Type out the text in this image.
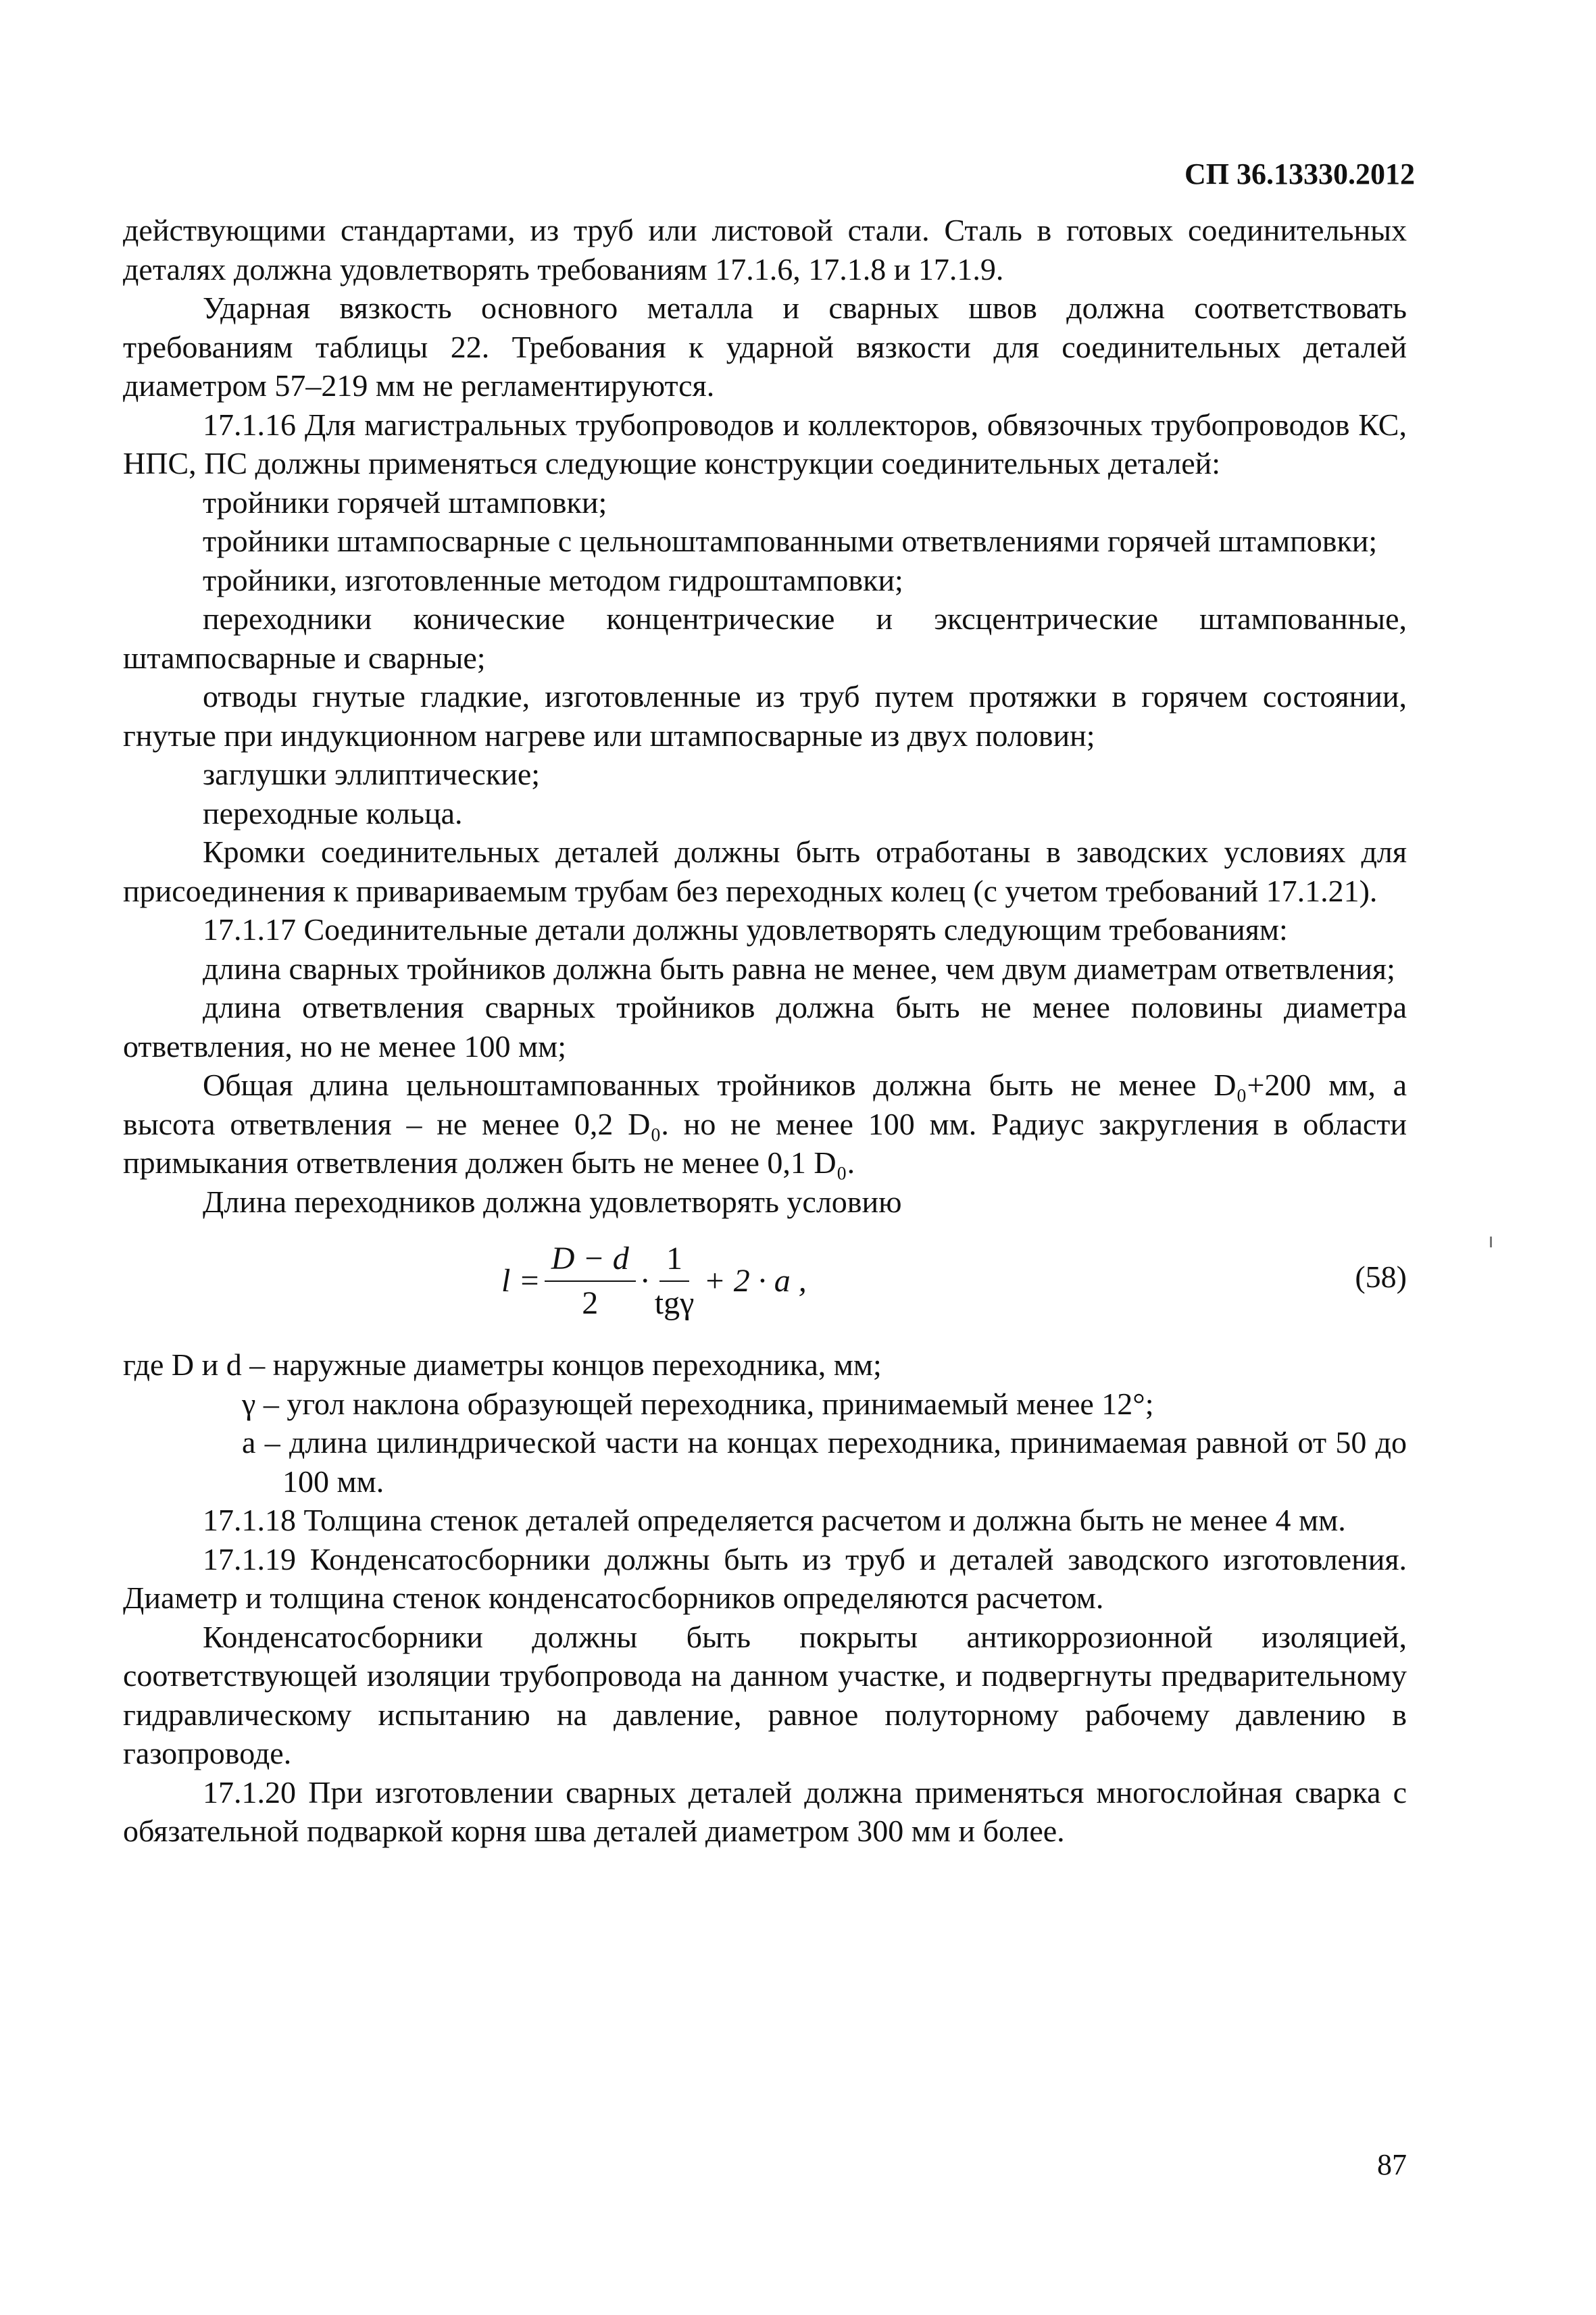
СП 36.13330.2012

действующими стандартами, из труб или листовой стали. Сталь в готовых соединительных деталях должна удовлетворять требованиям 17.1.6, 17.1.8 и 17.1.9.

Ударная вязкость основного металла и сварных швов должна соответствовать требованиям таблицы 22. Требования к ударной вязкости для соединительных деталей диаметром 57–219 мм не регламентируются.

17.1.16 Для магистральных трубопроводов и коллекторов, обвязочных трубопроводов КС, НПС, ПС должны применяться следующие конструкции соединительных деталей:

тройники горячей штамповки;

тройники штампосварные с цельноштампованными ответвлениями горячей штамповки;

тройники, изготовленные методом гидроштамповки;

переходники конические концентрические и эксцентрические штампованные, штампосварные и сварные;

отводы гнутые гладкие, изготовленные из труб путем протяжки в горячем состоянии, гнутые при индукционном нагреве или штампосварные из двух половин;

заглушки эллиптические;

переходные кольца.

Кромки соединительных деталей должны быть отработаны в заводских условиях для присоединения к привариваемым трубам без переходных колец (с учетом требований 17.1.21).

17.1.17 Соединительные детали должны удовлетворять следующим требованиям:

длина сварных тройников должна быть равна не менее, чем двум диаметрам ответвления;

длина ответвления сварных тройников должна быть не менее половины диаметра ответвления, но не менее 100 мм;

Общая длина цельноштампованных тройников должна быть не менее D₀+200 мм, а высота ответвления – не менее 0,2 D₀. но не менее 100 мм. Радиус закругления в области примыкания ответвления должен быть не менее 0,1 D₀.

Длина переходников должна удовлетворять условию

$l = \frac{D - d}{2} \cdot \frac{1}{\text{tgγ}} + 2 \cdot a$ ,	(58)

где D и d – наружные диаметры концов переходника, мм;

γ – угол наклона образующей переходника, принимаемый менее 12°;

a – длина цилиндрической части на концах переходника, принимаемая равной от 50 до 100 мм.

17.1.18 Толщина стенок деталей определяется расчетом и должна быть не менее 4 мм.

17.1.19 Конденсатосборники должны быть из труб и деталей заводского изготовления. Диаметр и толщина стенок конденсатосборников определяются расчетом.

Конденсатосборники должны быть покрыты антикоррозионной изоляцией, соответствующей изоляции трубопровода на данном участке, и подвергнуты предварительному гидравлическому испытанию на давление, равное полуторному рабочему давлению в газопроводе.

17.1.20 При изготовлении сварных деталей должна применяться многослойная сварка с обязательной подваркой корня шва деталей диаметром 300 мм и более.

87
